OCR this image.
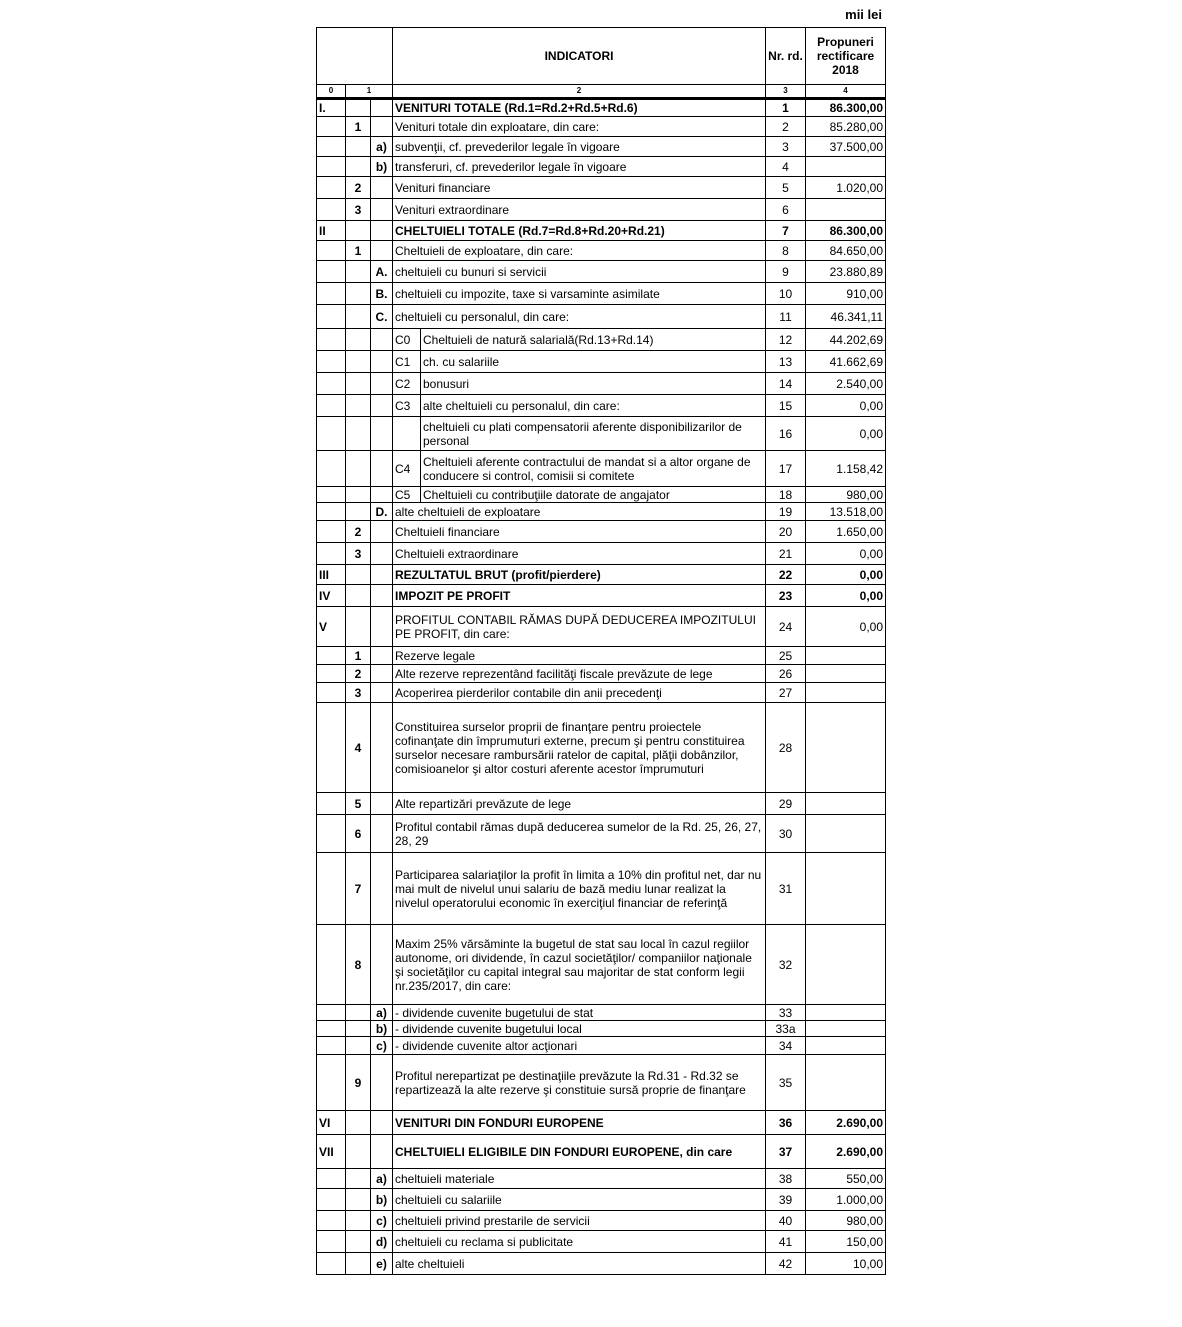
mii lei
			INDICATORI		Nr. rd.	Propuneri rectificare 2018
0	1		2		3	4
I.			VENITURI TOTALE (Rd.1=Rd.2+Rd.5+Rd.6)		1	86.300,00
	1		Venituri totale din exploatare, din care:		2	85.280,00
		a)	subvenţii, cf. prevederilor legale în vigoare		3	37.500,00
		b)	transferuri, cf. prevederilor legale în vigoare		4	
	2		Venituri financiare		5	1.020,00
	3		Venituri extraordinare		6	
II			CHELTUIELI TOTALE (Rd.7=Rd.8+Rd.20+Rd.21)		7	86.300,00
	1		Cheltuieli de exploatare, din care:		8	84.650,00
		A.	cheltuieli cu bunuri si servicii		9	23.880,89
		B.	cheltuieli cu impozite, taxe si varsaminte asimilate		10	910,00
		C.	cheltuieli cu personalul, din care:		11	46.341,11
			C0	Cheltuieli de natură salarială(Rd.13+Rd.14)	12	44.202,69
			C1	ch. cu salariile	13	41.662,69
			C2	bonusuri	14	2.540,00
			C3	alte cheltuieli cu personalul, din care:	15	0,00
				cheltuieli cu plati compensatorii aferente disponibilizarilor de personal	16	0,00
			C4	Cheltuieli aferente contractului de mandat si a altor organe de conducere si control, comisii si comitete	17	1.158,42
			C5	Cheltuieli cu contribuţiile datorate de angajator	18	980,00
		D.	alte cheltuieli de exploatare		19	13.518,00
	2		Cheltuieli financiare		20	1.650,00
	3		Cheltuieli extraordinare		21	0,00
III			REZULTATUL BRUT (profit/pierdere)		22	0,00
IV			IMPOZIT PE PROFIT		23	0,00
V			PROFITUL CONTABIL RĂMAS DUPĂ DEDUCEREA IMPOZITULUI PE PROFIT, din care:		24	0,00
	1		Rezerve legale		25	
	2		Alte rezerve reprezentând facilităţi fiscale prevăzute de lege		26	
	3		Acoperirea pierderilor contabile din anii precedenţi		27	
	4		Constituirea surselor proprii de finanţare pentru proiectele cofinanţate din împrumuturi externe, precum şi pentru constituirea surselor necesare rambursării ratelor de capital, plăţii dobânzilor, comisioanelor şi altor costuri aferente acestor împrumuturi		28	
	5		Alte repartizări prevăzute de lege		29	
	6		Profitul contabil rămas după deducerea sumelor de la Rd. 25, 26, 27, 28, 29		30	
	7		Participarea salariaţilor la profit în limita a 10% din profitul net, dar nu mai mult de nivelul unui salariu de bază mediu lunar realizat la nivelul operatorului economic în exerciţiul financiar de referinţă		31	
	8		Maxim 25% vărsăminte la bugetul de stat sau local în cazul regiilor autonome, ori dividende, în cazul societăţilor/ companiilor naţionale şi societăţilor cu capital integral sau majoritar de stat conform legii nr.235/2017, din care:		32	
		a)	- dividende cuvenite bugetului de stat		33	
		b)	- dividende cuvenite bugetului local		33a	
		c)	- dividende cuvenite altor acţionari		34	
	9		Profitul nerepartizat pe destinaţiile prevăzute la Rd.31 - Rd.32 se repartizează la alte rezerve şi constituie sursă proprie de finanţare		35	
VI			VENITURI DIN FONDURI EUROPENE		36	2.690,00
VII			CHELTUIELI ELIGIBILE DIN FONDURI EUROPENE, din care		37	2.690,00
		a)	cheltuieli materiale		38	550,00
		b)	cheltuieli cu salariile		39	1.000,00
		c)	cheltuieli privind prestarile de servicii		40	980,00
		d)	cheltuieli cu reclama si publicitate		41	150,00
		e)	alte cheltuieli		42	10,00
